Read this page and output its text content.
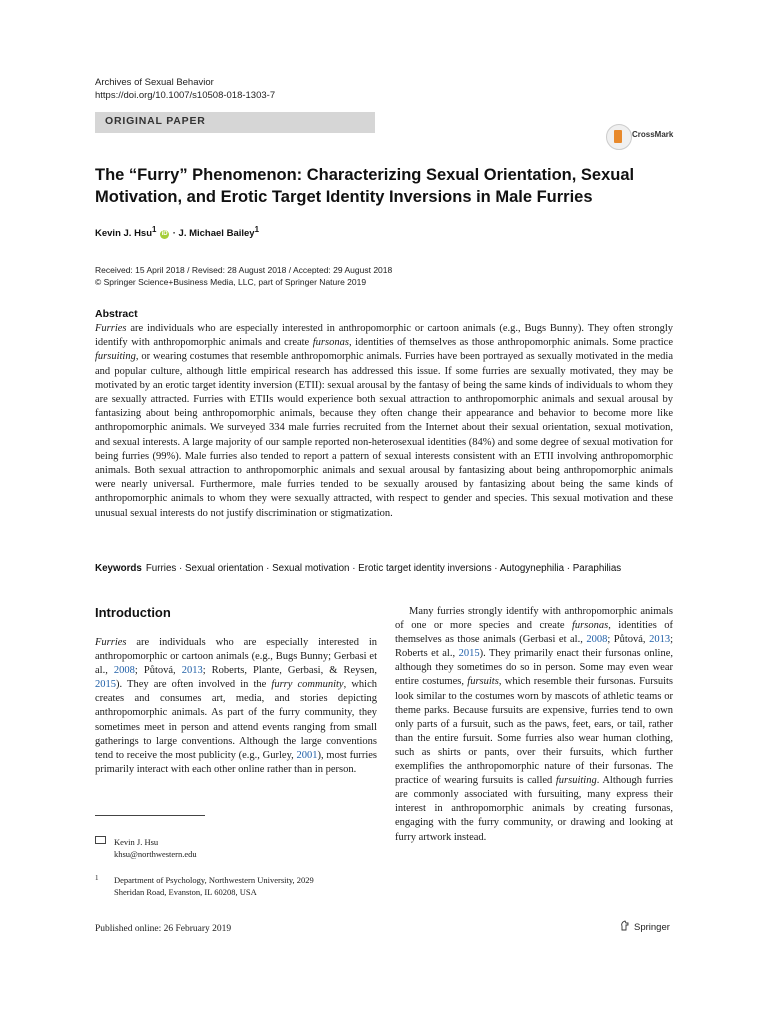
Archives of Sexual Behavior
https://doi.org/10.1007/s10508-018-1303-7
ORIGINAL PAPER
CrossMark
The “Furry” Phenomenon: Characterizing Sexual Orientation, Sexual Motivation, and Erotic Target Identity Inversions in Male Furries
Kevin J. Hsu$^1$ iD · J. Michael Bailey$^1$
Received: 15 April 2018 / Revised: 28 August 2018 / Accepted: 29 August 2018
© Springer Science+Business Media, LLC, part of Springer Nature 2019
Abstract
Furries are individuals who are especially interested in anthropomorphic or cartoon animals (e.g., Bugs Bunny). They often strongly identify with anthropomorphic animals and create fursonas, identities of themselves as those anthropomorphic animals. Some practice fursuiting, or wearing costumes that resemble anthropomorphic animals. Furries have been portrayed as sexually motivated in the media and popular culture, although little empirical research has addressed this issue. If some furries are sexually motivated, they may be motivated by an erotic target identity inversion (ETII): sexual arousal by the fantasy of being the same kinds of individuals to whom they are sexually attracted. Furries with ETIIs would experience both sexual attraction to anthropomorphic animals and sexual arousal by fantasizing about being anthropomorphic animals, because they often change their appearance and behavior to become more like anthropomorphic animals. We surveyed 334 male furries recruited from the Internet about their sexual orientation, sexual motivation, and sexual interests. A large majority of our sample reported non-heterosexual identities (84%) and some degree of sexual motivation for being furries (99%). Male furries also tended to report a pattern of sexual interests consistent with an ETII involving anthropomorphic animals. Both sexual attraction to anthropomorphic animals and sexual arousal by fantasizing about being anthropomorphic animals were nearly universal. Furthermore, male furries tended to be sexually aroused by fantasizing about being the same kinds of anthropomorphic animals to whom they were sexually attracted, with respect to gender and species. This sexual motivation and these unusual sexual interests do not justify discrimination or stigmatization.
Keywords Furries · Sexual orientation · Sexual motivation · Erotic target identity inversions · Autogynephilia · Paraphilias
Introduction
Furries are individuals who are especially interested in anthropomorphic or cartoon animals (e.g., Bugs Bunny; Gerbasi et al., 2008; Půtová, 2013; Roberts, Plante, Gerbasi, & Reysen, 2015). They are often involved in the furry community, which creates and consumes art, media, and stories depicting anthropomorphic animals. As part of the furry community, they sometimes meet in person and attend events ranging from small gatherings to large conventions. Although the large conventions tend to receive the most publicity (e.g., Gurley, 2001), most furries primarily interact with each other online rather than in person.
Many furries strongly identify with anthropomorphic animals of one or more species and create fursonas, identities of themselves as those animals (Gerbasi et al., 2008; Půtová, 2013; Roberts et al., 2015). They primarily enact their fursonas online, although they sometimes do so in person. Some may even wear entire costumes, fursuits, which resemble their fursonas. Fursuits look similar to the costumes worn by mascots of athletic teams or theme parks. Because fursuits are expensive, furries tend to own only parts of a fursuit, such as the paws, feet, ears, or tail, rather than the entire fursuit. Some furries also wear human clothing, such as shirts or pants, over their fursuits, which further exemplifies the anthropomorphic nature of their fursonas. The practice of wearing fursuits is called fursuiting. Although furries are commonly associated with fursuiting, many express their interest in anthropomorphic animals by creating fursonas, engaging with the furry community, or drawing and looking at furry artwork instead.
Kevin J. Hsu
khsu@northwestern.edu
1 Department of Psychology, Northwestern University, 2029
Sheridan Road, Evanston, IL 60208, USA
Published online: 26 February 2019	Springer
